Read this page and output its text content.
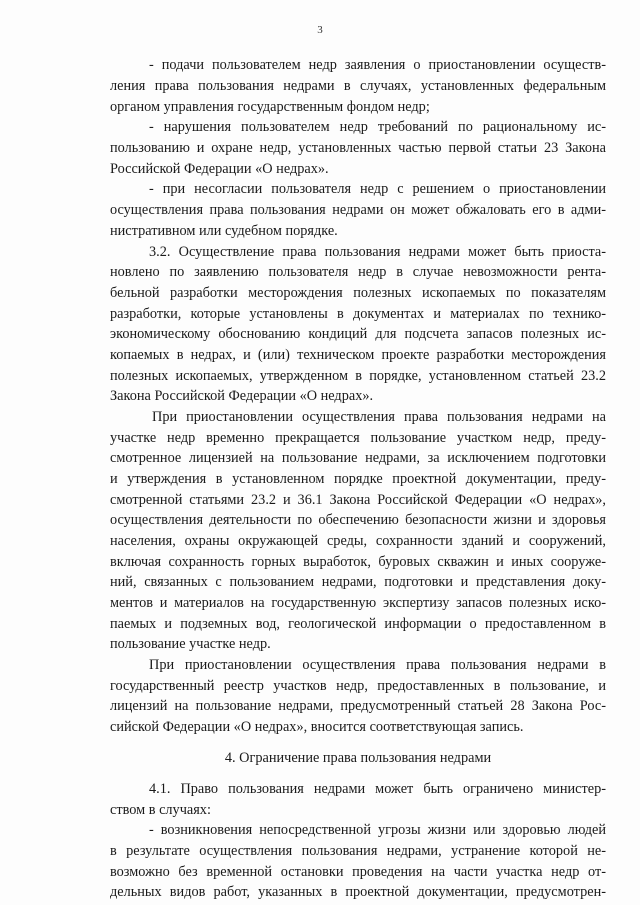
3
- подачи пользователем недр заявления о приостановлении осуществ-
ления права пользования недрами в случаях, установленных федеральным
органом управления государственным фондом недр;
- нарушения пользователем недр требований по рациональному ис-
пользованию и охране недр, установленных частью первой статьи 23 Закона
Российской Федерации «О недрах».
- при несогласии пользователя недр с решением о приостановлении
осуществления права пользования недрами он может обжаловать его в адми-
нистративном или судебном порядке.
3.2. Осуществление права пользования недрами может быть приоста-
новлено по заявлению пользователя недр в случае невозможности рента-
бельной разработки месторождения полезных ископаемых по показателям
разработки, которые установлены в документах и материалах по технико-
экономическому обоснованию кондиций для подсчета запасов полезных ис-
копаемых в недрах, и (или) техническом проекте разработки месторождения
полезных ископаемых, утвержденном в порядке, установленном статьей 23.2
Закона Российской Федерации «О недрах».
При приостановлении осуществления права пользования недрами на
участке недр временно прекращается пользование участком недр, преду-
смотренное лицензией на пользование недрами, за исключением подготовки
и утверждения в установленном порядке проектной документации, преду-
смотренной статьями 23.2 и 36.1 Закона Российской Федерации «О недрах»,
осуществления деятельности по обеспечению безопасности жизни и здоровья
населения, охраны окружающей среды, сохранности зданий и сооружений,
включая сохранность горных выработок, буровых скважин и иных сооруже-
ний, связанных с пользованием недрами, подготовки и представления доку-
ментов и материалов на государственную экспертизу запасов полезных иско-
паемых и подземных вод, геологической информации о предоставленном в
пользование участке недр.
При приостановлении осуществления права пользования недрами в
государственный реестр участков недр, предоставленных в пользование, и
лицензий на пользование недрами, предусмотренный статьей 28 Закона Рос-
сийской Федерации «О недрах», вносится соответствующая запись.
4. Ограничение права пользования недрами
4.1. Право пользования недрами может быть ограничено министер-
ством в случаях:
- возникновения непосредственной угрозы жизни или здоровью людей
в результате осуществления пользования недрами, устранение которой не-
возможно без временной остановки проведения на части участка недр от-
дельных видов работ, указанных в проектной документации, предусмотрен-
